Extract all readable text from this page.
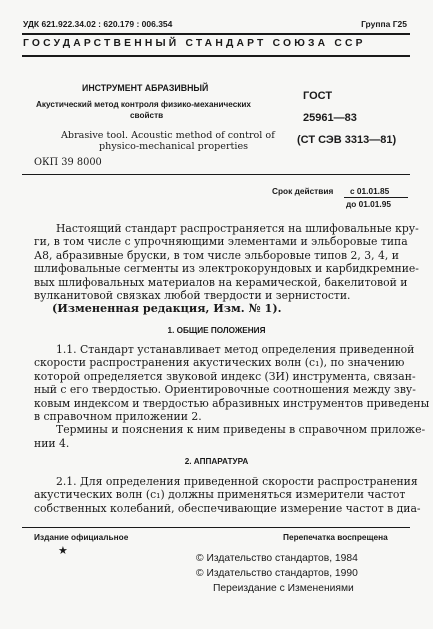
УДК 621.922.34.02 : 620.179 : 006.354	Группа Г25
ГОСУДАРСТВЕННЫЙ СТАНДАРТ СОЮЗА ССР
ИНСТРУМЕНТ АБРАЗИВНЫЙ
Акустический метод контроля физико-механических
свойств
Abrasive tool. Acoustic method of control of
physico-mechanical properties
ОКП 39 8000
ГОСТ
25961—83
(СТ СЭВ 3313—81)
Срок действия с 01.01.85
до 01.01.95
Настоящий стандарт распространяется на шлифовальные кру-
ги, в том числе с упрочняющими элементами и эльборовые типа
А8, абразивные бруски, в том числе эльборовые типов 2, 3, 4, и
шлифовальные сегменты из электрокорундовых и карбидкремние-
вых шлифовальных материалов на керамической, бакелитовой и
вулканитовой связках любой твердости и зернистости.
(Измененная редакция, Изм. № 1).
1. ОБЩИЕ ПОЛОЖЕНИЯ
1.1. Стандарт устанавливает метод определения приведенной
скорости распространения акустических волн (c₁), по значению
которой определяется звуковой индекс (ЗИ) инструмента, связан-
ный с его твердостью. Ориентировочные соотношения между зву-
ковым индексом и твердостью абразивных инструментов приведены
в справочном приложении 2.
Термины и пояснения к ним приведены в справочном приложе-
нии 4.
2. АППАРАТУРА
2.1. Для определения приведенной скорости распространения
акустических волн (c₁) должны применяться измерители частот
собственных колебаний, обеспечивающие измерение частот в диа-
Издание официальное
★
Перепечатка воспрещена
© Издательство стандартов, 1984
© Издательство стандартов, 1990
Переиздание с Изменениями
